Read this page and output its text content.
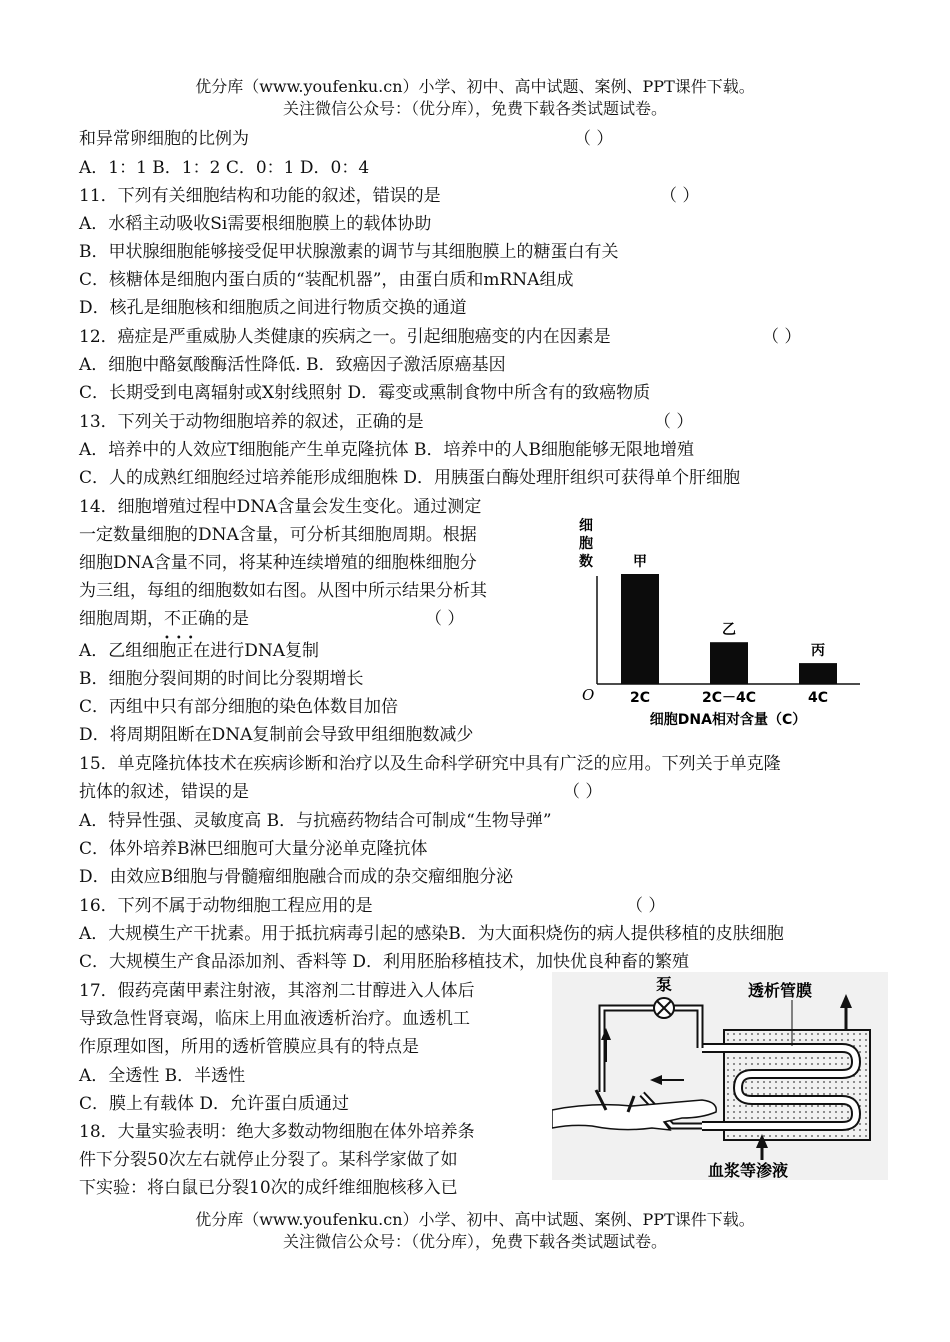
优分库（www.youfenku.cn）小学、初中、高中试题、案例、PPT课件下载。
关注微信公众号：（优分库），免费下载各类试题试卷。
和异常卵细胞的比例为	（ ）
A．1：1 B．1：2 C．0：1 D．0：4
11．下列有关细胞结构和功能的叙述，错误的是	（ ）
A．水稻主动吸收Si需要根细胞膜上的载体协助
B．甲状腺细胞能够接受促甲状腺激素的调节与其细胞膜上的糖蛋白有关
C．核糖体是细胞内蛋白质的“装配机器”，由蛋白质和mRNA组成
D．核孔是细胞核和细胞质之间进行物质交换的通道
12．癌症是严重威胁人类健康的疾病之一。引起细胞癌变的内在因素是	（ ）
A．细胞中酪氨酸酶活性降低. B．致癌因子激活原癌基因
C．长期受到电离辐射或X射线照射 D．霉变或熏制食物中所含有的致癌物质
13．下列关于动物细胞培养的叙述，正确的是	（ ）
A．培养中的人效应T细胞能产生单克隆抗体 B．培养中的人B细胞能够无限地增殖
C．人的成熟红细胞经过培养能形成细胞株 D．用胰蛋白酶处理肝组织可获得单个肝细胞
14．细胞增殖过程中DNA含量会发生变化。通过测定
一定数量细胞的DNA含量，可分析其细胞周期。根据
细胞DNA含量不同，将某种连续增殖的细胞株细胞分
为三组，每组的细胞数如右图。从图中所示结果分析其
细胞周期，不正确
•••
的是	（ ）
A．乙组细胞正在进行DNA复制
B．细胞分裂间期的时间比分裂期增长
C．丙组中只有部分细胞的染色体数目加倍
D．将周期阻断在DNA复制前会导致甲组细胞数减少
细
胞
数
O
甲
2C
乙
2C－4C
丙
4C
细胞DNA相对含量（C）
15．单克隆抗体技术在疾病诊断和治疗以及生命科学研究中具有广泛的应用。下列关于单克隆
抗体的叙述，错误的是	（ ）
A．特异性强、灵敏度高 B．与抗癌药物结合可制成“生物导弹”
C．体外培养B淋巴细胞可大量分泌单克隆抗体
D．由效应B细胞与骨髓瘤细胞融合而成的杂交瘤细胞分泌
16．下列不属于动物细胞工程应用的是	（ ）
A．大规模生产干扰素。用于抵抗病毒引起的感染B．为大面积烧伤的病人提供移植的皮肤细胞
C．大规模生产食品添加剂、香料等 D．利用胚胎移植技术，加快优良种畜的繁殖
17．假药亮菌甲素注射液，其溶剂二甘醇进入人体后
导致急性肾衰竭，临床上用血液透析治疗。血透机工
作原理如图，所用的透析管膜应具有的特点是
A．全透性 B．半透性
C．膜上有载体 D．允许蛋白质通过
18．大量实验表明：绝大多数动物细胞在体外培养条
件下分裂50次左右就停止分裂了。某科学家做了如
下实验：将白鼠已分裂10次的成纤维细胞核移入已
泵	透析管膜
血浆等渗液
优分库（www.youfenku.cn）小学、初中、高中试题、案例、PPT课件下载。
关注微信公众号：（优分库），免费下载各类试题试卷。
